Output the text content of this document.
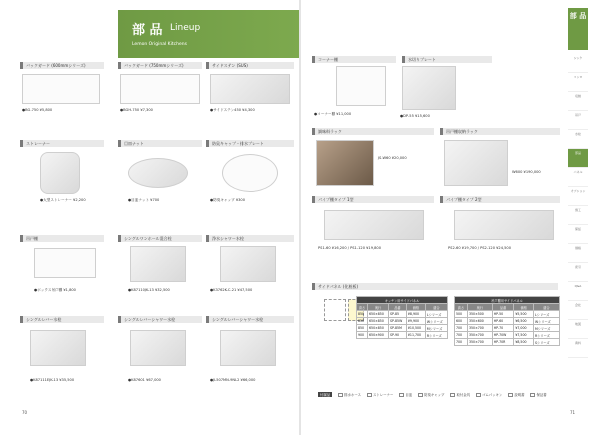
部 品 Lineup
Lemon Original Kitchens
バックガード (600mmシリーズ)	バックガード (750mmシリーズ)	サイドステン (SUS)
●BG-750 ¥5,800	●BGH-750 ¥7,300	●サイドステン450 ¥4,300
ストレーナー	目皿ナット	防臭キャップ・排水プレート
●大型ストレーナー ¥2,200	●目皿ナット ¥700	●防臭キャップ ¥300
吊戸棚	シングルワンホール混合栓	浄水シャワー水栓
●ボックス吊戸棚 ¥1,800	●K87110JK-13 ¥32,500	●K3762K-C-21 ¥47,500
シングルレバー水栓	シングルレバーシャワー水栓	シングルレバーシャワー水栓
●K87111EJK-13 ¥35,500	●K87601 ¥67,000	●JL507MN-9NL2 ¥66,000
70
コーナー棚	水切りプレート
●コーナー棚 ¥11,000	●DP-55 ¥15,600
調味料ラック	吊戸棚収納ラック
JS-W60 ¥20,000
W600 ¥190,000
パイプ棚タイプ 1型	パイプ棚タイプ 2型
PS1-60 ¥16,200 / PS1-120 ¥19,800	PS2-60 ¥19,700 / PS2-120 ¥24,500
サイドパネル (化粧板)
キッチン用サイドパネル				
高さ	奥行	品番	価格	適合
850	650×850	SP-85	¥8,900	Lシリーズ
850	650×850	SP-85W	¥9,900	Wシリーズ
850	650×850	SP-85M	¥10,500	Mシリーズ
900	650×900	SP-90	¥11,700	Rシリーズ
吊戸棚用サイドパネル				
高さ	奥行	品番	価格	適合
500	350×500	HP-50	¥5,500	Lシリーズ
600	350×600	HP-60	¥6,500	Wシリーズ
700	350×700	HP-70	¥7,000	Mシリーズ
700	350×700	HP-70W	¥7,500	Rシリーズ
700	350×700	HP-70R	¥8,500	Sシリーズ
付属品	排水ホース	ストレーナー	目皿	防臭キャップ	取付金具	ゴムパッキン	説明書	保証書
部 品
シンク
コンロ
収納
吊戸
水栓
部品
パネル
オプション
施工
保証
価格
索引
Q&A
会社
地図
資料
71
